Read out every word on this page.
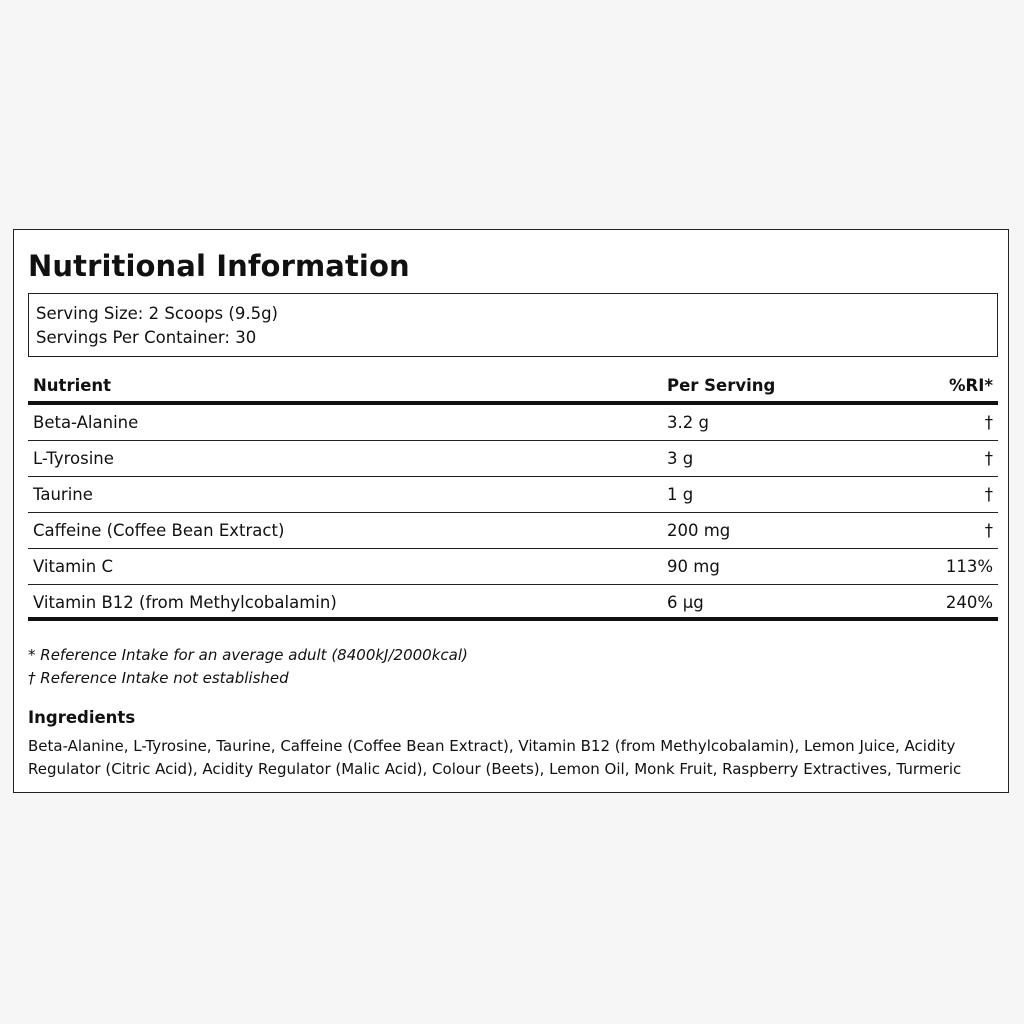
Nutritional Information
Serving Size: 2 Scoops (9.5g)
Servings Per Container: 30
Nutrient	Per Serving	%RI*
Beta-Alanine	3.2 g	†
L-Tyrosine	3 g	†
Taurine	1 g	†
Caffeine (Coffee Bean Extract)	200 mg	†
Vitamin C	90 mg	113%
Vitamin B12 (from Methylcobalamin)	6 µg	240%
* Reference Intake for an average adult (8400kJ/2000kcal)
† Reference Intake not established
Ingredients

Beta-Alanine, L-Tyrosine, Taurine, Caffeine (Coffee Bean Extract), Vitamin B12 (from Methylcobalamin), Lemon Juice, Acidity Regulator (Citric Acid), Acidity Regulator (Malic Acid), Colour (Beets), Lemon Oil, Monk Fruit, Raspberry Extractives, Turmeric
